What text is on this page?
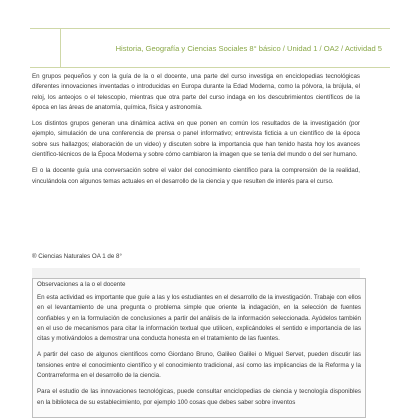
Historia, Geografía y Ciencias Sociales 8° básico / Unidad 1 / OA2 / Actividad 5

En grupos pequeños y con la guía de la o el docente, una parte del curso investiga en enciclopedias tecnológicas diferentes innovaciones inventadas o introducidas en Europa durante la Edad Moderna, como la pólvora, la brújula, el reloj, los anteojos o el telescopio, mientras que otra parte del curso indaga en los descubrimientos científicos de la época en las áreas de anatomía, química, física y astronomía.

Los distintos grupos generan una dinámica activa en que ponen en común los resultados de la investigación (por ejemplo, simulación de una conferencia de prensa o panel informativo; entrevista ficticia a un científico de la época sobre sus hallazgos; elaboración de un video) y discuten sobre la importancia que han tenido hasta hoy los avances científico-técnicos de la Época Moderna y sobre cómo cambiaron la imagen que se tenía del mundo o del ser humano.

El o la docente guía una conversación sobre el valor del conocimiento científico para la comprensión de la realidad, vinculándola con algunos temas actuales en el desarrollo de la ciencia y que resulten de interés para el curso.

® Ciencias Naturales OA 1 de 8°
Observaciones a la o el docente

En esta actividad es importante que guíe a las y los estudiantes en el desarrollo de la investigación. Trabaje con ellos en el levantamiento de una pregunta o problema simple que oriente la indagación, en la selección de fuentes confiables y en la formulación de conclusiones a partir del análisis de la información seleccionada. Ayúdelos también en el uso de mecanismos para citar la información textual que utilicen, explicándoles el sentido e importancia de las citas y motivándolos a demostrar una conducta honesta en el tratamiento de las fuentes.

A partir del caso de algunos científicos como Giordano Bruno, Galileo Galilei o Miguel Servet, pueden discutir las tensiones entre el conocimiento científico y el conocimiento tradicional, así como las implicancias de la Reforma y la Contrarreforma en el desarrollo de la ciencia.

Para el estudio de las innovaciones tecnológicas, puede consultar enciclopedias de ciencia y tecnología disponibles en la biblioteca de su establecimiento, por ejemplo 100 cosas que debes saber sobre inventos
